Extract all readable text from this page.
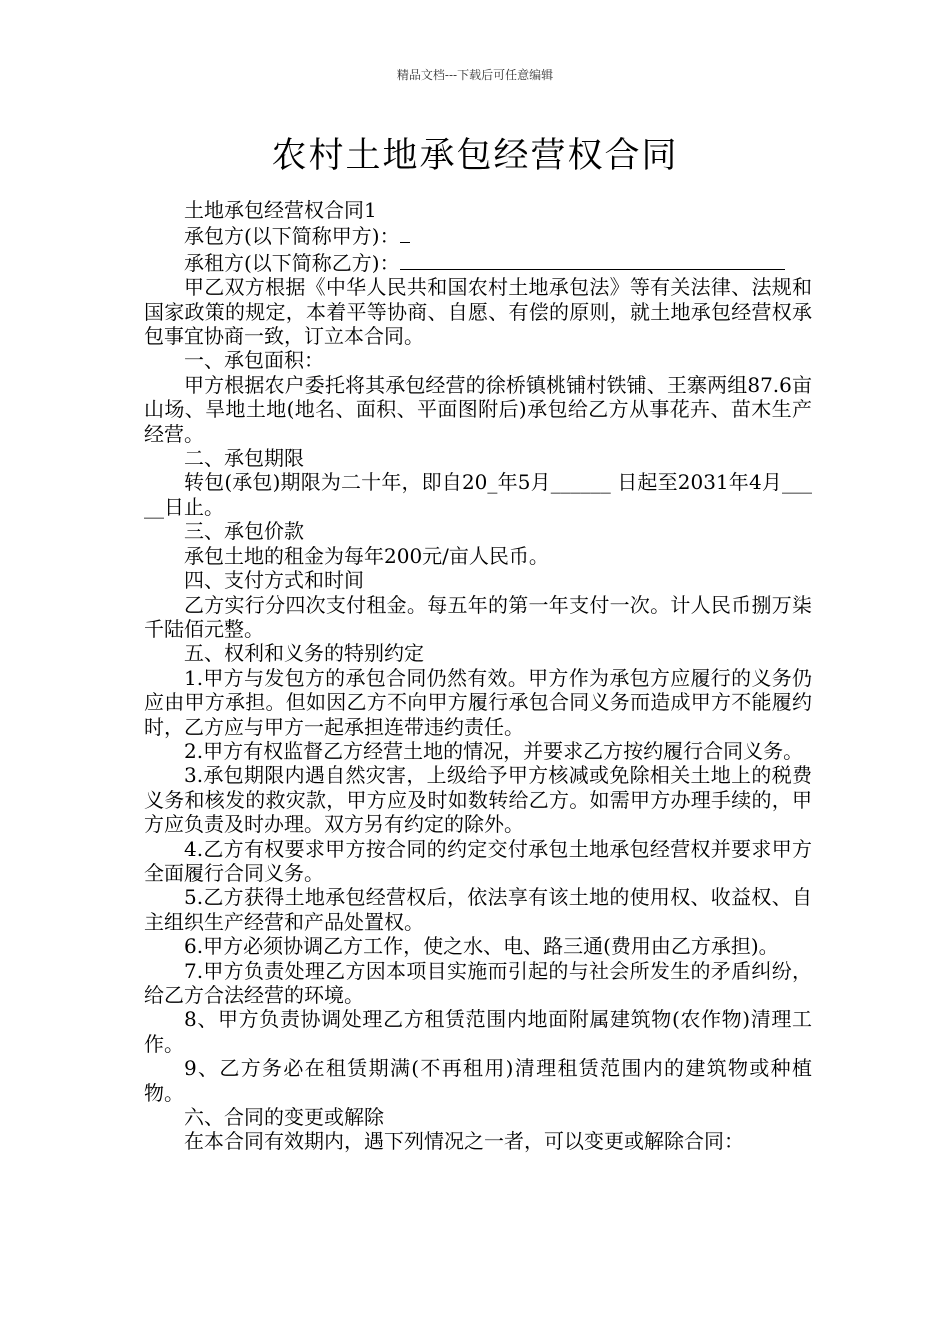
精品文档---下载后可任意编辑
农村土地承包经营权合同

土地承包经营权合同1

承包方(以下简称甲方)：

承租方(以下简称乙方)：

甲乙双方根据《中华人民共和国农村土地承包法》等有关法律、法规和国家政策的规定，本着平等协商、自愿、有偿的原则，就土地承包经营权承包事宜协商一致，订立本合同。

一、承包面积：

甲方根据农户委托将其承包经营的徐桥镇桃铺村铁铺、王寨两组87.6亩山场、旱地土地(地名、面积、平面图附后)承包给乙方从事花卉、苗木生产经营。

二、承包期限

转包(承包)期限为二十年，即自20_年5月______ 日起至2031年4月_____日止。

三、承包价款

承包土地的租金为每年200元/亩人民币。

四、支付方式和时间

乙方实行分四次支付租金。每五年的第一年支付一次。计人民币捌万柒千陆佰元整。

五、权利和义务的特别约定

1.甲方与发包方的承包合同仍然有效。甲方作为承包方应履行的义务仍应由甲方承担。但如因乙方不向甲方履行承包合同义务而造成甲方不能履约时，乙方应与甲方一起承担连带违约责任。

2.甲方有权监督乙方经营土地的情况，并要求乙方按约履行合同义务。

3.承包期限内遇自然灾害，上级给予甲方核减或免除相关土地上的税费义务和核发的救灾款，甲方应及时如数转给乙方。如需甲方办理手续的，甲方应负责及时办理。双方另有约定的除外。

4.乙方有权要求甲方按合同的约定交付承包土地承包经营权并要求甲方全面履行合同义务。

5.乙方获得土地承包经营权后，依法享有该土地的使用权、收益权、自主组织生产经营和产品处置权。

6.甲方必须协调乙方工作，使之水、电、路三通(费用由乙方承担)。

7.甲方负责处理乙方因本项目实施而引起的与社会所发生的矛盾纠纷，给乙方合法经营的环境。

8、甲方负责协调处理乙方租赁范围内地面附属建筑物(农作物)清理工作。

9、乙方务必在租赁期满(不再租用)清理租赁范围内的建筑物或种植物。

六、合同的变更或解除

在本合同有效期内，遇下列情况之一者，可以变更或解除合同：
